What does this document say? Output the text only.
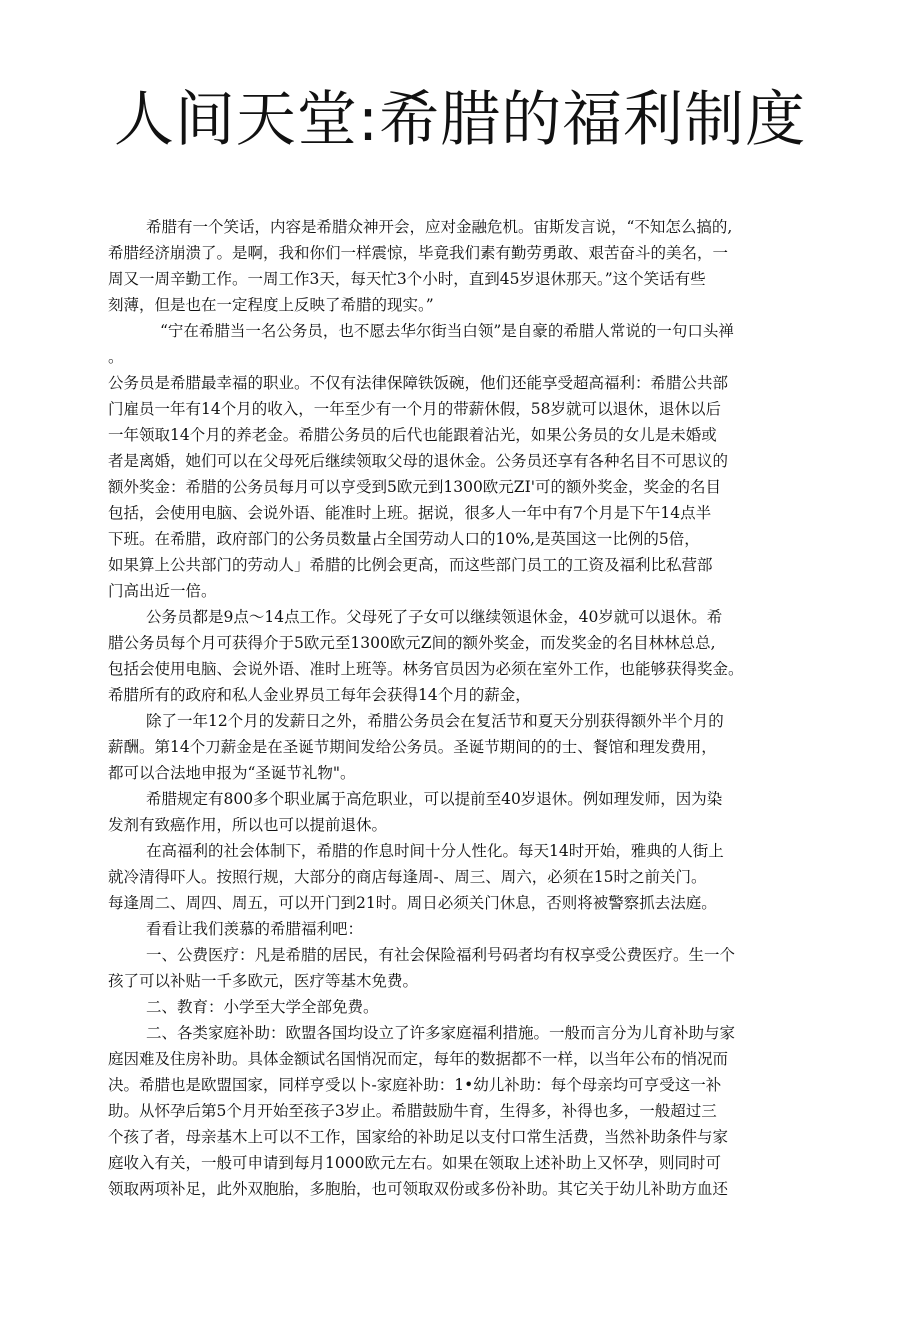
人间天堂:希腊的福利制度

希腊有一个笑话，内容是希腊众神开会，应对金融危机。宙斯发言说，“不知怎么搞的,

希腊经济崩溃了。是啊，我和你们一样震惊，毕竟我们素有勤劳勇敢、艰苦奋斗的美名，一

周又一周辛勤工作。一周工作3天，每天忙3个小时，直到45岁退休那天。”这个笑话有些

刻薄，但是也在一定程度上反映了希腊的现实。”

“宁在希腊当一名公务员，也不愿去华尔街当白领”是自豪的希腊人常说的一句口头禅

。

公务员是希腊最幸福的职业。不仅有法律保障铁饭碗，他们还能享受超高福利：希腊公共部

门雇员一年有14个月的收入，一年至少有一个月的带薪休假，58岁就可以退休，退休以后

一年领取14个月的养老金。希腊公务员的后代也能跟着沾光，如果公务员的女儿是未婚或

者是离婚，她们可以在父母死后继续领取父母的退休金。公务员还享有各种名目不可思议的

额外奖金：希腊的公务员每月可以亨受到5欧元到1300欧元ZI'可的额外奖金，奖金的名目

包括，会使用电脑、会说外语、能准时上班。据说，很多人一年中有7个月是下午14点半

下班。在希腊，政府部门的公务员数量占全国劳动人口的10%,是英国这一比例的5倍，

如果算上公共部门的劳动人」希腊的比例会更高，而这些部门员工的工资及福利比私营部

门高出近一倍。

公务员都是9点～14点工作。父母死了子女可以继续领退休金，40岁就可以退休。希

腊公务员每个月可获得介于5欧元至1300欧元Z间的额外奖金，而发奖金的名目林林总总,

包括会使用电脑、会说外语、准时上班等。林务官员因为必须在室外工作，也能够获得奖金。

希腊所有的政府和私人金业界员工每年会获得14个月的薪金，

除了一年12个月的发薪日之外，希腊公务员会在复活节和夏天分别获得额外半个月的

薪酬。第14个刀薪金是在圣诞节期间发给公务员。圣诞节期间的的士、餐馆和理发费用，

都可以合法地申报为“圣诞节礼物"。

希腊规定有800多个职业属于高危职业，可以提前至40岁退休。例如理发师，因为染

发剂有致癌作用，所以也可以提前退休。

在高福利的社会体制下，希腊的作息时间十分人性化。每天14时开始，雅典的人街上

就冷清得吓人。按照行规，大部分的商店每逢周-、周三、周六，必须在15时之前关门。

每逢周二、周四、周五，可以开门到21时。周日必须关门休息，否则将被警察抓去法庭。

看看让我们羡慕的希腊福利吧：

一、公费医疗：凡是希腊的居民，有社会保险福利号码者均有权享受公费医疗。生一个

孩了可以补贴一千多欧元，医疗等基木免费。

二、教育：小学至大学全部免费。

二、各类家庭补助：欧盟各国均设立了许多家庭福利措施。一般而言分为儿育补助与家

庭因难及住房补助。具体金额试名国悄况而定，每年的数据都不一样，以当年公布的悄况而

决。希腊也是欧盟国家，同样亨受以卜-家庭补助：1•幼儿补助：每个母亲均可亨受这一补

助。从怀孕后第5个月开始至孩子3岁止。希腊鼓励牛育，生得多，补得也多，一般超过三

个孩了者，母亲基木上可以不工作，国家给的补助足以支付口常生活费，当然补助条件与家

庭收入有关，一般可申请到每月1000欧元左右。如果在领取上述补助上又怀孕，则同时可

领取两项补足，此外双胞胎，多胞胎，也可领取双份或多份补助。其它关于幼儿补助方血还
